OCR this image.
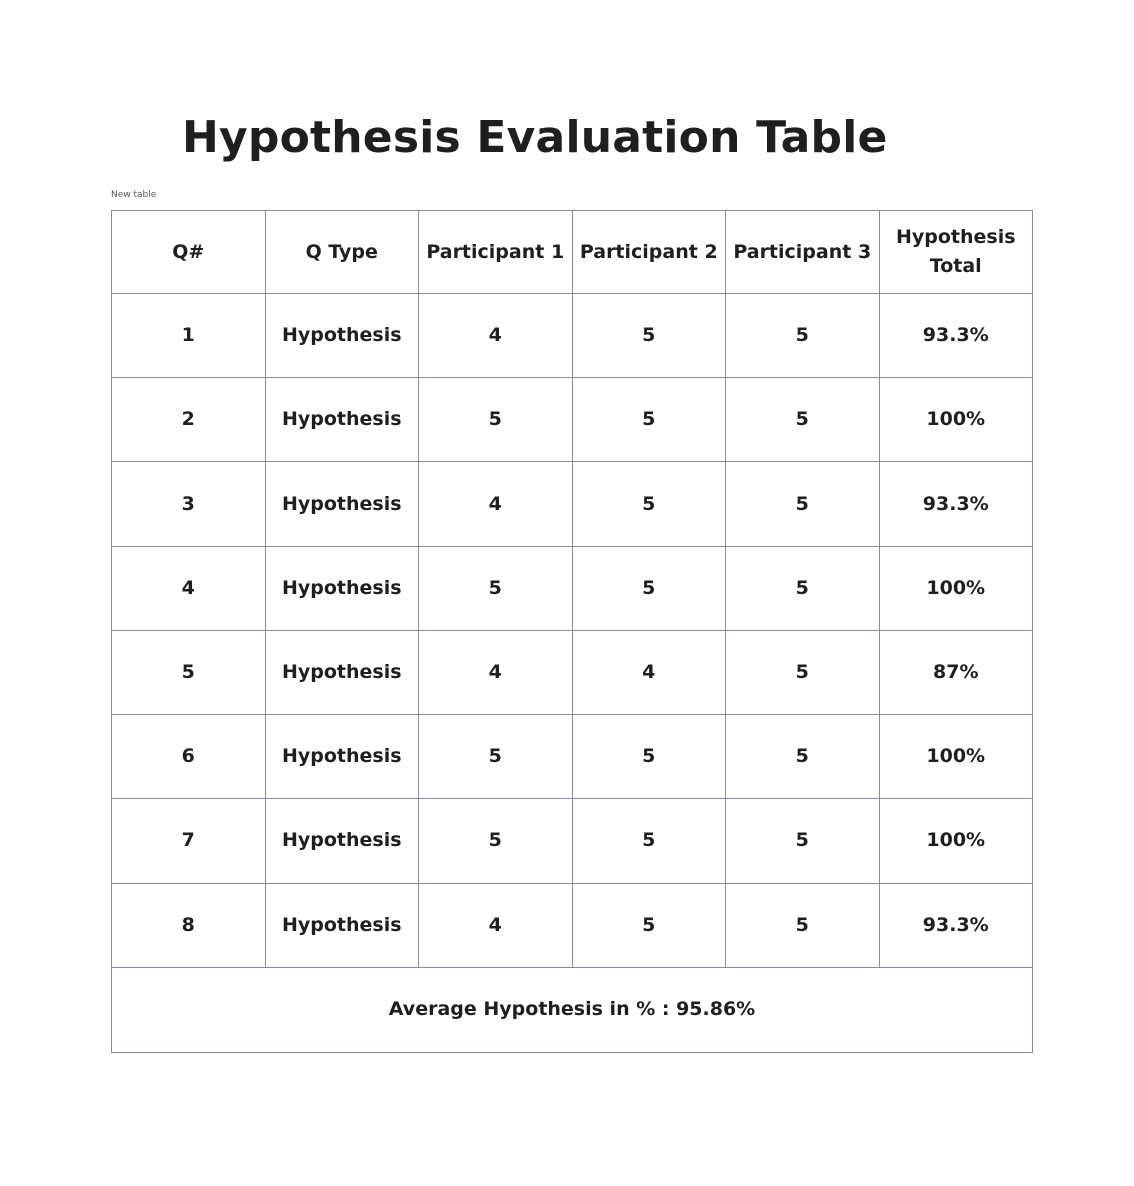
Hypothesis Evaluation Table
New table
Q#	Q Type	Participant 1	Participant 2	Participant 3	Hypothesis Total
1	Hypothesis	4	5	5	93.3%
2	Hypothesis	5	5	5	100%
3	Hypothesis	4	5	5	93.3%
4	Hypothesis	5	5	5	100%
5	Hypothesis	4	4	5	87%
6	Hypothesis	5	5	5	100%
7	Hypothesis	5	5	5	100%
8	Hypothesis	4	5	5	93.3%
Average Hypothesis in % : 95.86%					
